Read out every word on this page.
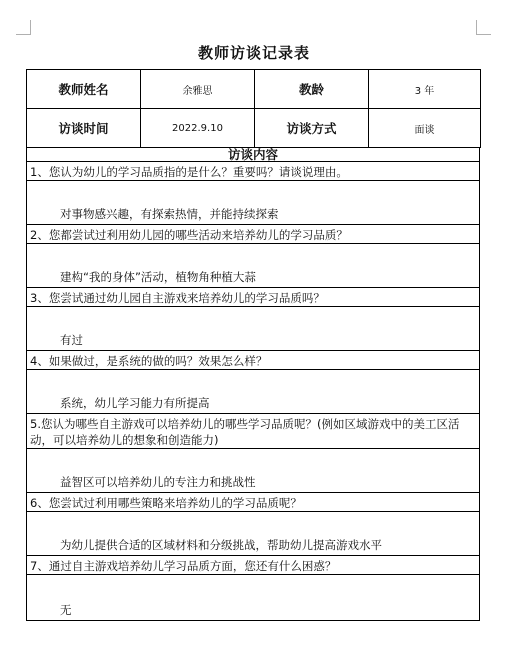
教师访谈记录表
教师姓名	余雅思	教龄	3 年
访谈时间	2022.9.10	访谈方式	面谈
访谈内容
1、您认为幼儿的学习品质指的是什么？重要吗？请谈说理由。
对事物感兴趣，有探索热情，并能持续探索
2、您都尝试过利用幼儿园的哪些活动来培养幼儿的学习品质？
建构“我的身体”活动，植物角种植大蒜
3、您尝试通过幼儿园自主游戏来培养幼儿的学习品质吗？
有过
4、如果做过，是系统的做的吗？效果怎么样？
系统，幼儿学习能力有所提高
5.您认为哪些自主游戏可以培养幼儿的哪些学习品质呢？(例如区域游戏中的美工区活动，可以培养幼儿的想象和创造能力)
益智区可以培养幼儿的专注力和挑战性
6、您尝试过利用哪些策略来培养幼儿的学习品质呢？
为幼儿提供合适的区域材料和分级挑战，帮助幼儿提高游戏水平
7、通过自主游戏培养幼儿学习品质方面，您还有什么困惑？
无
